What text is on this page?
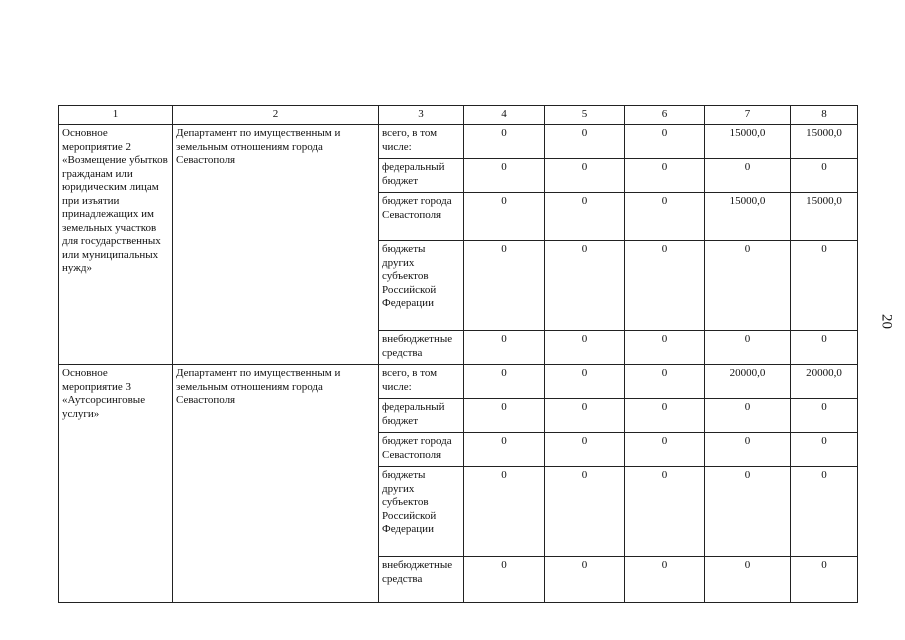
1	2	3	4	5	6	7	8
Основное мероприятие 2 «Возмещение убытков гражданам или юридическим лицам при изъятии принадлежащих им земельных участков для государственных или муниципальных нужд»	Департамент по имущественным и земельным отношениям города Севастополя	всего, в том числе:	0	0	0	15000,0	15000,0
		федеральный бюджет	0	0	0	0	0
		бюджет города Севастополя	0	0	0	15000,0	15000,0
		бюджеты других субъектов Российской Федерации	0	0	0	0	0
		внебюджетные средства	0	0	0	0	0
Основное мероприятие 3 «Аутсорсинговые услуги»	Департамент по имущественным и земельным отношениям города Севастополя	всего, в том числе:	0	0	0	20000,0	20000,0
		федеральный бюджет	0	0	0	0	0
		бюджет города Севастополя	0	0	0	0	0
		бюджеты других субъектов Российской Федерации	0	0	0	0	0
		внебюджетные средства	0	0	0	0	0
20
